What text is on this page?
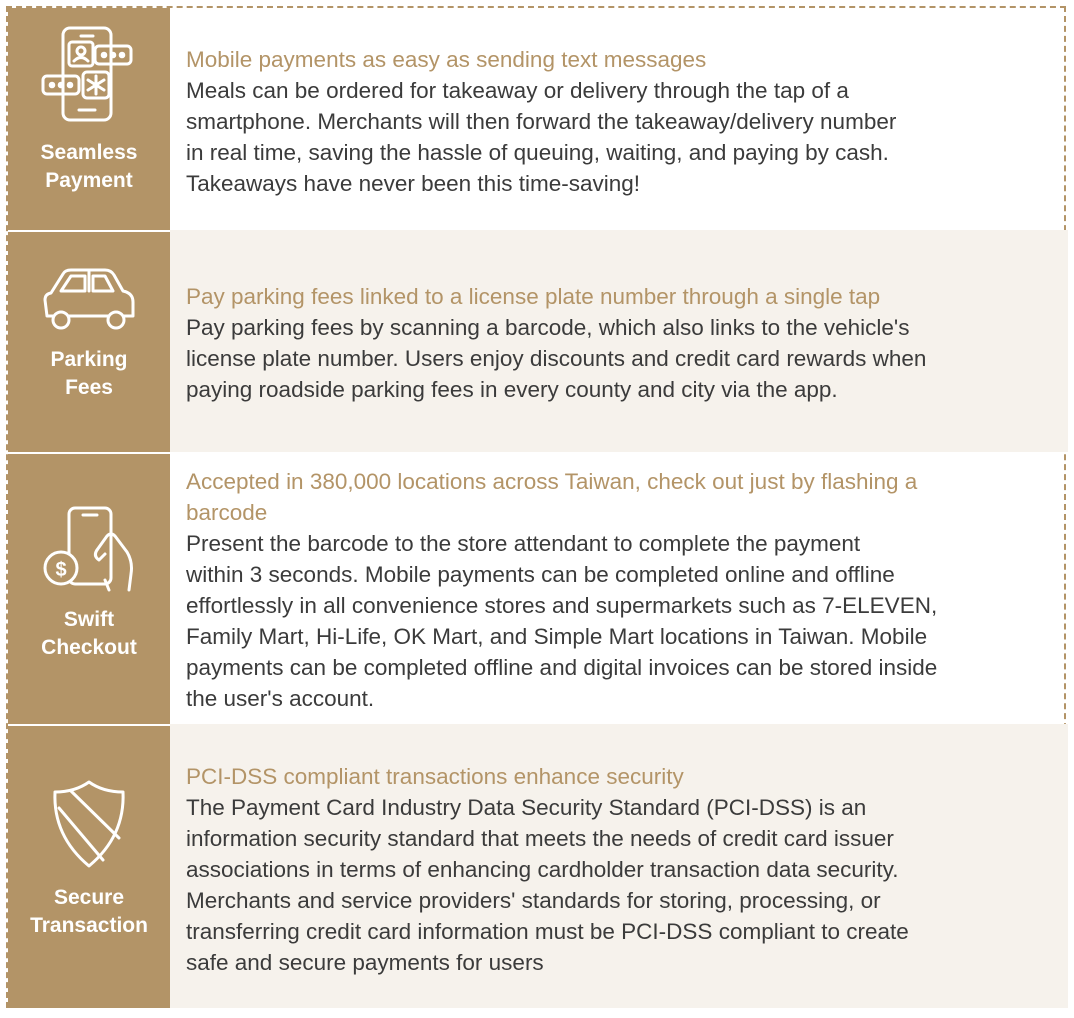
Seamless
Payment
Mobile payments as easy as sending text messages
Meals can be ordered for takeaway or delivery through the tap of a
smartphone. Merchants will then forward the takeaway/delivery number
in real time, saving the hassle of queuing, waiting, and paying by cash.
Takeaways have never been this time-saving!
Parking
Fees
Pay parking fees linked to a license plate number through a single tap
Pay parking fees by scanning a barcode, which also links to the vehicle's
license plate number. Users enjoy discounts and credit card rewards when
paying roadside parking fees in every county and city via the app.
$
Swift
Checkout
Accepted in 380,000 locations across Taiwan, check out just by flashing a
barcode
Present the barcode to the store attendant to complete the payment
within 3 seconds. Mobile payments can be completed online and offline
effortlessly in all convenience stores and supermarkets such as 7-ELEVEN,
Family Mart, Hi-Life, OK Mart, and Simple Mart locations in Taiwan. Mobile
payments can be completed offline and digital invoices can be stored inside
the user's account.
Secure
Transaction
PCI-DSS compliant transactions enhance security
The Payment Card Industry Data Security Standard (PCI-DSS) is an
information security standard that meets the needs of credit card issuer
associations in terms of enhancing cardholder transaction data security.
Merchants and service providers' standards for storing, processing, or
transferring credit card information must be PCI-DSS compliant to create
safe and secure payments for users
